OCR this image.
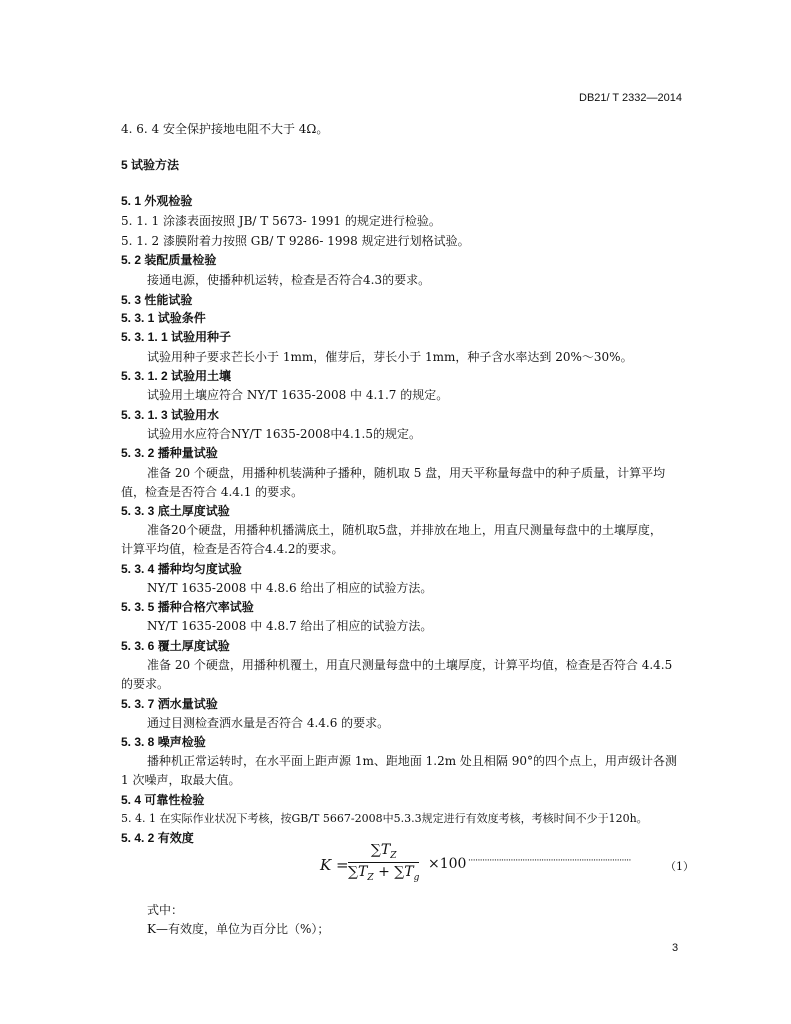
DB21/ T 2332—2014
4. 6. 4 安全保护接地电阻不大于 4Ω。
5 试验方法
5. 1 外观检验
5. 1. 1 涂漆表面按照 JB/ T 5673- 1991 的规定进行检验。
5. 1. 2 漆膜附着力按照 GB/ T 9286- 1998 规定进行划格试验。
5. 2 装配质量检验
接通电源，使播种机运转，检查是否符合4.3的要求。
5. 3 性能试验
5. 3. 1 试验条件
5. 3. 1. 1 试验用种子
试验用种子要求芒长小于 1mm，催芽后，芽长小于 1mm，种子含水率达到 20%～30%。
5. 3. 1. 2 试验用土壤
试验用土壤应符合 NY/T 1635-2008 中 4.1.7 的规定。
5. 3. 1. 3 试验用水
试验用水应符合NY/T 1635-2008中4.1.5的规定。
5. 3. 2 播种量试验
准备 20 个硬盘，用播种机装满种子播种，随机取 5 盘，用天平称量每盘中的种子质量，计算平均
值，检查是否符合 4.4.1 的要求。
5. 3. 3 底土厚度试验
准备20个硬盘，用播种机播满底土，随机取5盘，并排放在地上，用直尺测量每盘中的土壤厚度，
计算平均值，检查是否符合4.4.2的要求。
5. 3. 4 播种均匀度试验
NY/T 1635-2008 中 4.8.6 给出了相应的试验方法。
5. 3. 5 播种合格穴率试验
NY/T 1635-2008 中 4.8.7 给出了相应的试验方法。
5. 3. 6 覆土厚度试验
准备 20 个硬盘，用播种机覆土，用直尺测量每盘中的土壤厚度，计算平均值，检查是否符合 4.4.5
的要求。
5. 3. 7 洒水量试验
通过目测检查洒水量是否符合 4.4.6 的要求。
5. 3. 8 噪声检验
播种机正常运转时，在水平面上距声源 1m、距地面 1.2m 处且相隔 90°的四个点上，用声级计各测
1 次噪声，取最大值。
5. 4 可靠性检验
5. 4. 1 在实际作业状况下考核，按GB/T 5667-2008中5.3.3规定进行有效度考核，考核时间不少于120h。
5. 4. 2 有效度
K =
$\sum T_Z$
$\sum T_Z + \sum T_g$
×100 ·····································································	（1）
式中：
K—有效度，单位为百分比（%）；
3
